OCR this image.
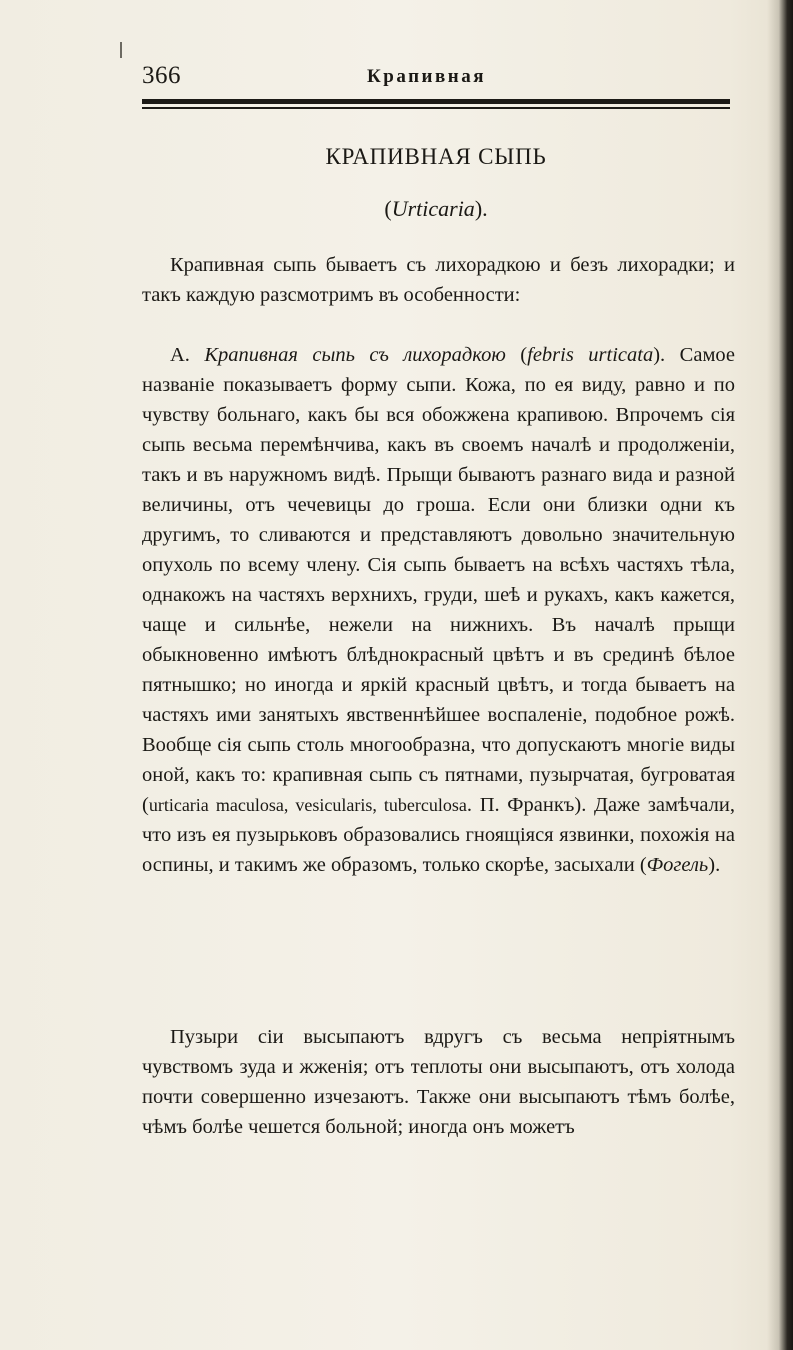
366	Крапивная
КРАПИВНАЯ СЫПЬ
(Urticaria).

Крапивная сыпь бываетъ съ лихорадкою и безъ лихорадки; и такъ каждую разсмотримъ въ особенности:

A. Крапивная сыпь съ лихорадкою (febris urticata). Самое названіе показываетъ форму сыпи. Кожа, по ея виду, равно и по чувству больнаго, какъ бы вся обожжена крапивою. Впрочемъ сія сыпь весьма перемѣнчива, какъ въ своемъ началѣ и продолженіи, такъ и въ наружномъ видѣ. Прыщи бываютъ разнаго вида и разной величины, отъ чечевицы до гроша. Если они близки одни къ другимъ, то сливаются и представляютъ довольно значительную опухоль по всему члену. Сія сыпь бываетъ на всѣхъ частяхъ тѣла, однакожъ на частяхъ верхнихъ, груди, шеѣ и рукахъ, какъ кажется, чаще и сильнѣе, нежели на нижнихъ. Въ началѣ прыщи обыкновенно имѣютъ блѣднокрасный цвѣтъ и въ срединѣ бѣлое пятнышко; но иногда и яркій красный цвѣтъ, и тогда бываетъ на частяхъ ими занятыхъ явственнѣйшее воспаленіе, подобное рожѣ. Вообще сія сыпь столь многообразна, что допускаютъ многіе виды оной, какъ то: крапивная сыпь съ пятнами, пузырчатая, бугроватая (urticaria maculosa, vesicularis, tuberculosa. П. Франкъ). Даже замѣчали, что изъ ея пузырьковъ образовались гноящіяся язвинки, похожія на оспины, и такимъ же образомъ, только скорѣе, засыхали (Фогель).

Пузыри сіи высыпаютъ вдругъ съ весьма непріятнымъ чувствомъ зуда и жженія; отъ теплоты они высыпаютъ, отъ холода почти совершенно изчезаютъ. Также они высыпаютъ тѣмъ болѣе, чѣмъ болѣе чешется больной; иногда онъ можетъ
